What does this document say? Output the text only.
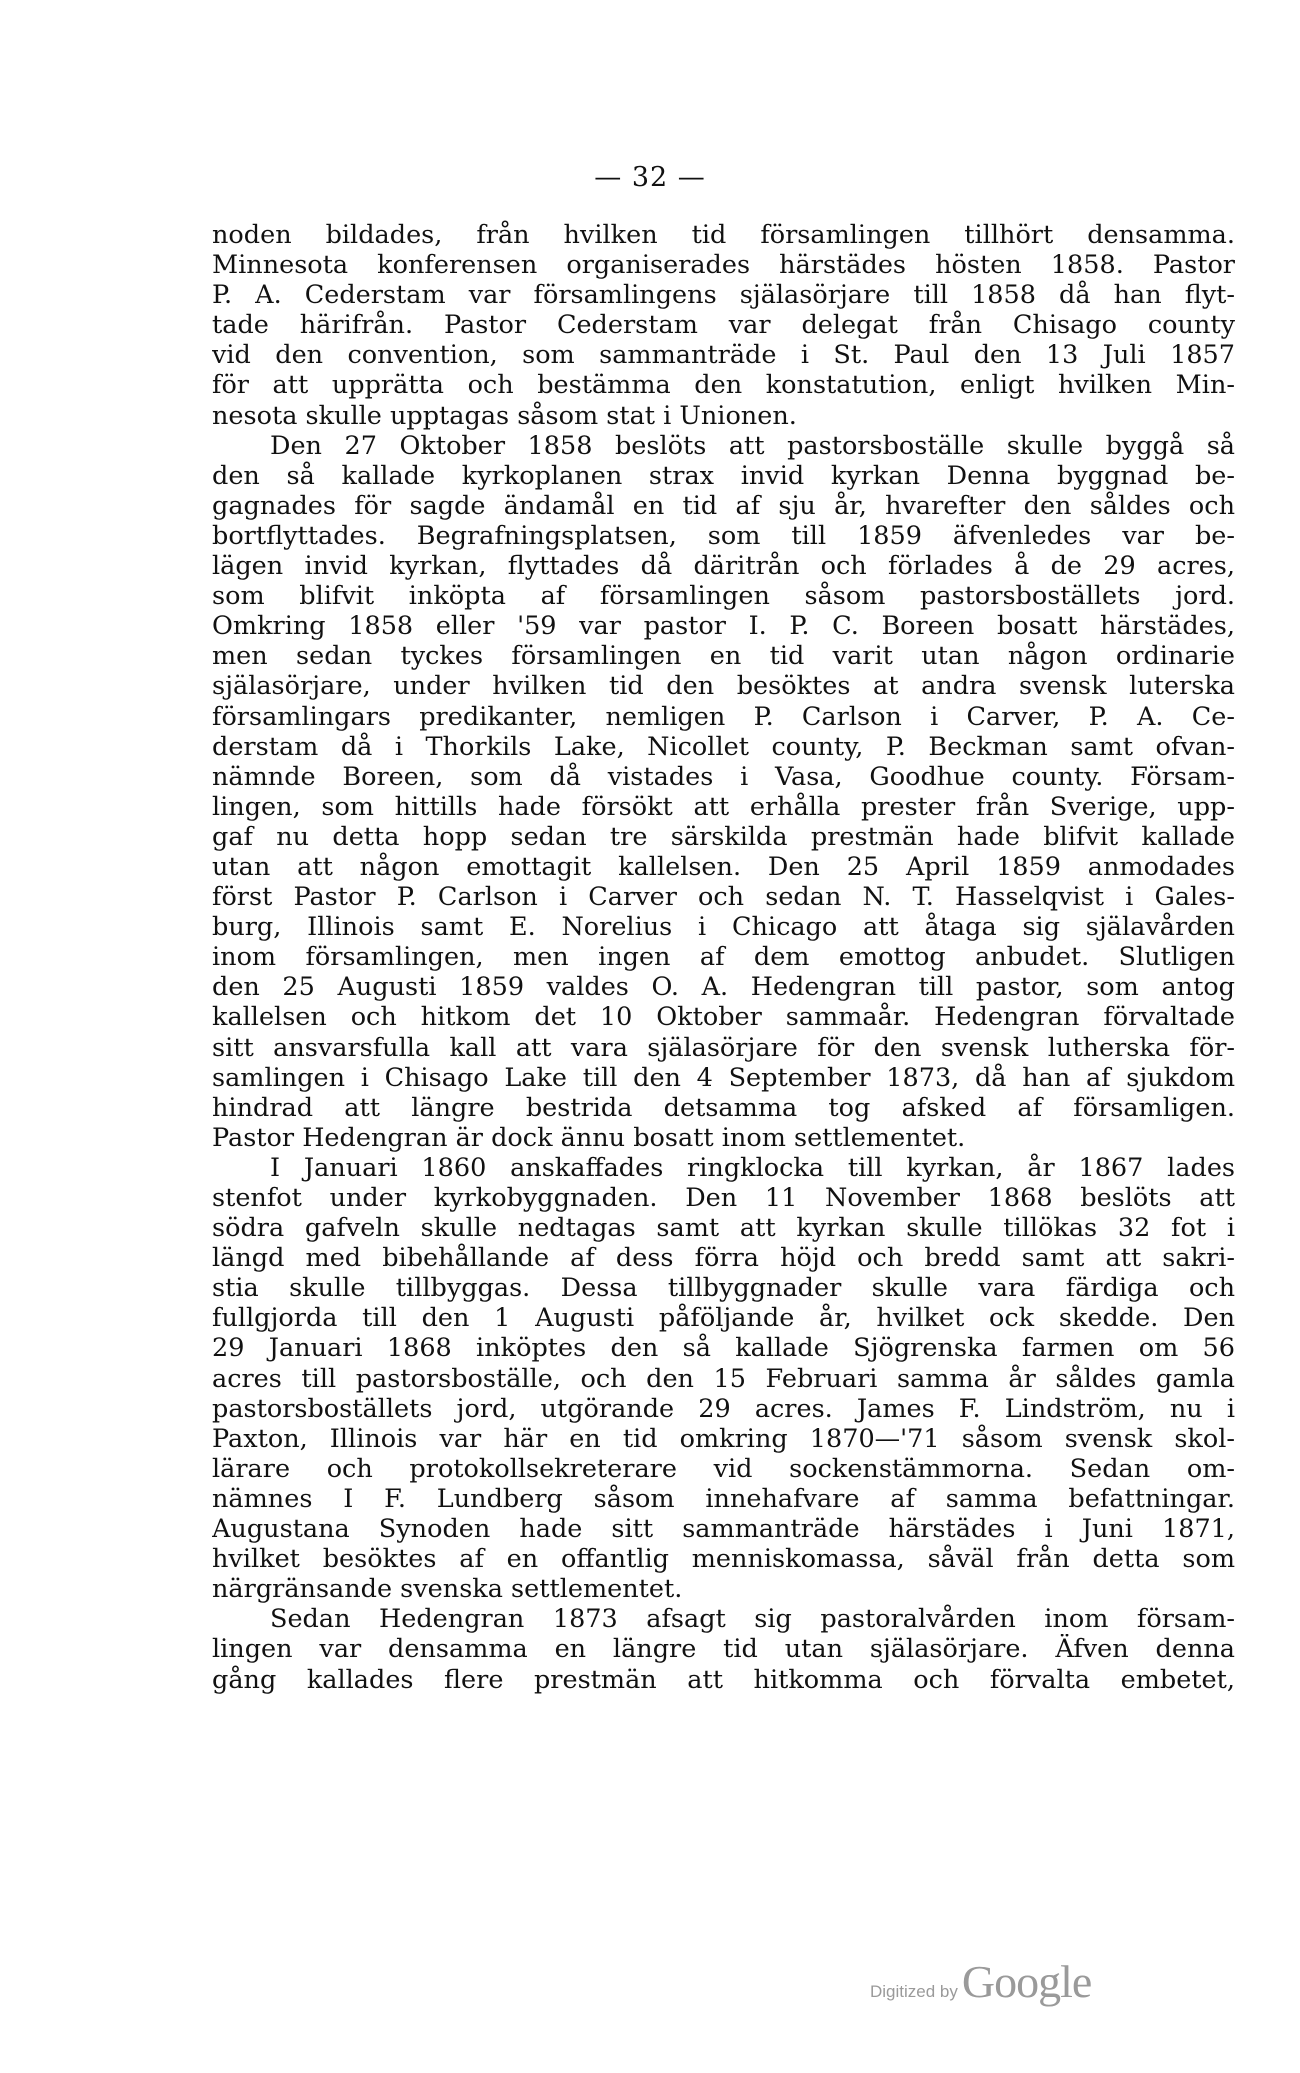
— 32 —
noden bildades, från hvilken tid församlingen tillhört densamma.
Minnesota konferensen organiserades härstädes hösten 1858. Pastor
P. A. Cederstam var församlingens själasörjare till 1858 då han flyt-
tade härifrån. Pastor Cederstam var delegat från Chisago county
vid den convention, som sammanträde i St. Paul den 13 Juli 1857
för att upprätta och bestämma den konstatution, enligt hvilken Min-
nesota skulle upptagas såsom stat i Unionen.
Den 27 Oktober 1858 beslöts att pastorsboställe skulle byggå så
den så kallade kyrkoplanen strax invid kyrkan Denna byggnad be-
gagnades för sagde ändamål en tid af sju år, hvarefter den såldes och
bortflyttades. Begrafningsplatsen, som till 1859 äfvenledes var be-
lägen invid kyrkan, flyttades då däritrån och förlades å de 29 acres,
som blifvit inköpta af församlingen såsom pastorsboställets jord.
Omkring 1858 eller '59 var pastor I. P. C. Boreen bosatt härstädes,
men sedan tyckes församlingen en tid varit utan någon ordinarie
själasörjare, under hvilken tid den besöktes at andra svensk luterska
församlingars predikanter, nemligen P. Carlson i Carver, P. A. Ce-
derstam då i Thorkils Lake, Nicollet county, P. Beckman samt ofvan-
nämnde Boreen, som då vistades i Vasa, Goodhue county. Försam-
lingen, som hittills hade försökt att erhålla prester från Sverige, upp-
gaf nu detta hopp sedan tre särskilda prestmän hade blifvit kallade
utan att någon emottagit kallelsen. Den 25 April 1859 anmodades
först Pastor P. Carlson i Carver och sedan N. T. Hasselqvist i Gales-
burg, Illinois samt E. Norelius i Chicago att åtaga sig själavården
inom församlingen, men ingen af dem emottog anbudet. Slutligen
den 25 Augusti 1859 valdes O. A. Hedengran till pastor, som antog
kallelsen och hitkom det 10 Oktober sammaår. Hedengran förvaltade
sitt ansvarsfulla kall att vara själasörjare för den svensk lutherska för-
samlingen i Chisago Lake till den 4 September 1873, då han af sjukdom
hindrad att längre bestrida detsamma tog afsked af församligen.
Pastor Hedengran är dock ännu bosatt inom settlementet.
I Januari 1860 anskaffades ringklocka till kyrkan, år 1867 lades
stenfot under kyrkobyggnaden. Den 11 November 1868 beslöts att
södra gafveln skulle nedtagas samt att kyrkan skulle tillökas 32 fot i
längd med bibehållande af dess förra höjd och bredd samt att sakri-
stia skulle tillbyggas. Dessa tillbyggnader skulle vara färdiga och
fullgjorda till den 1 Augusti påföljande år, hvilket ock skedde. Den
29 Januari 1868 inköptes den så kallade Sjögrenska farmen om 56
acres till pastorsboställe, och den 15 Februari samma år såldes gamla
pastorsboställets jord, utgörande 29 acres. James F. Lindström, nu i
Paxton, Illinois var här en tid omkring 1870—'71 såsom svensk skol-
lärare och protokollsekreterare vid sockenstämmorna. Sedan om-
nämnes I F. Lundberg såsom innehafvare af samma befattningar.
Augustana Synoden hade sitt sammanträde härstädes i Juni 1871,
hvilket besöktes af en offantlig menniskomassa, såväl från detta som
närgränsande svenska settlementet.
Sedan Hedengran 1873 afsagt sig pastoralvården inom försam-
lingen var densamma en längre tid utan själasörjare. Äfven denna
gång kallades flere prestmän att hitkomma och förvalta embetet,
Digitized by Google
